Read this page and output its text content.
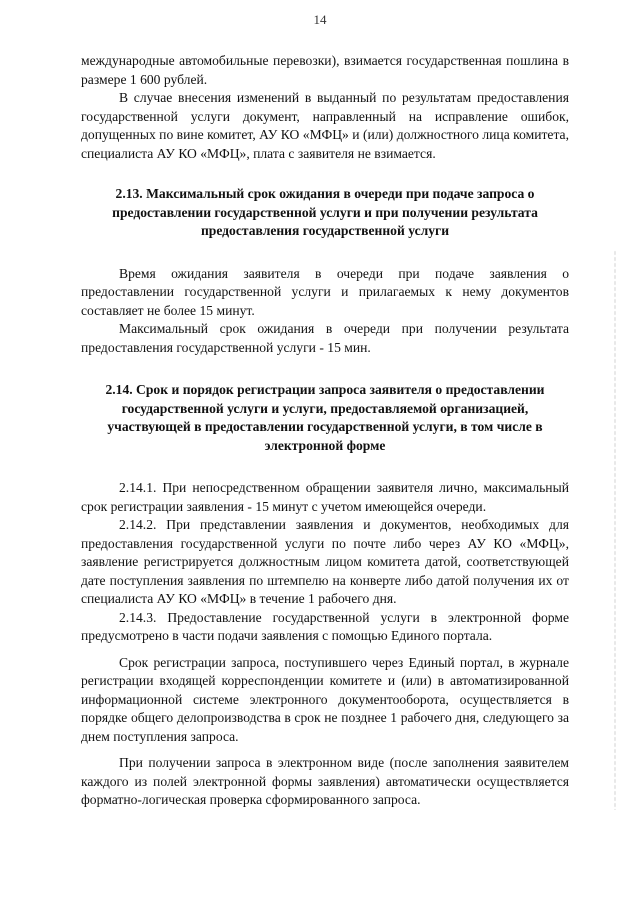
14

международные автомобильные перевозки), взимается государственная пошлина в размере 1 600 рублей.

В случае внесения изменений в выданный по результатам предоставления государственной услуги документ, направленный на исправление ошибок, допущенных по вине комитет, АУ КО «МФЦ» и (или) должностного лица комитета, специалиста АУ КО «МФЦ», плата с заявителя не взимается.

2.13. Максимальный срок ожидания в очереди при подаче запроса о предоставлении государственной услуги и при получении результата предоставления государственной услуги

Время ожидания заявителя в очереди при подаче заявления о предоставлении государственной услуги и прилагаемых к нему документов составляет не более 15 минут.

Максимальный срок ожидания в очереди при получении результата предоставления государственной услуги - 15 мин.

2.14. Срок и порядок регистрации запроса заявителя о предоставлении государственной услуги и услуги, предоставляемой организацией, участвующей в предоставлении государственной услуги, в том числе в электронной форме

2.14.1. При непосредственном обращении заявителя лично, максимальный срок регистрации заявления - 15 минут с учетом имеющейся очереди.

2.14.2. При представлении заявления и документов, необходимых для предоставления государственной услуги по почте либо через АУ КО «МФЦ», заявление регистрируется должностным лицом комитета датой, соответствующей дате поступления заявления по штемпелю на конверте либо датой получения их от специалиста АУ КО «МФЦ» в течение 1 рабочего дня.

2.14.3. Предоставление государственной услуги в электронной форме предусмотрено в части подачи заявления с помощью Единого портала.

Срок регистрации запроса, поступившего через Единый портал, в журнале регистрации входящей корреспонденции комитете и (или) в автоматизированной информационной системе электронного документооборота, осуществляется в порядке общего делопроизводства в срок не позднее 1 рабочего дня, следующего за днем поступления запроса.

При получении запроса в электронном виде (после заполнения заявителем каждого из полей электронной формы заявления) автоматически осуществляется форматно-логическая проверка сформированного запроса.
